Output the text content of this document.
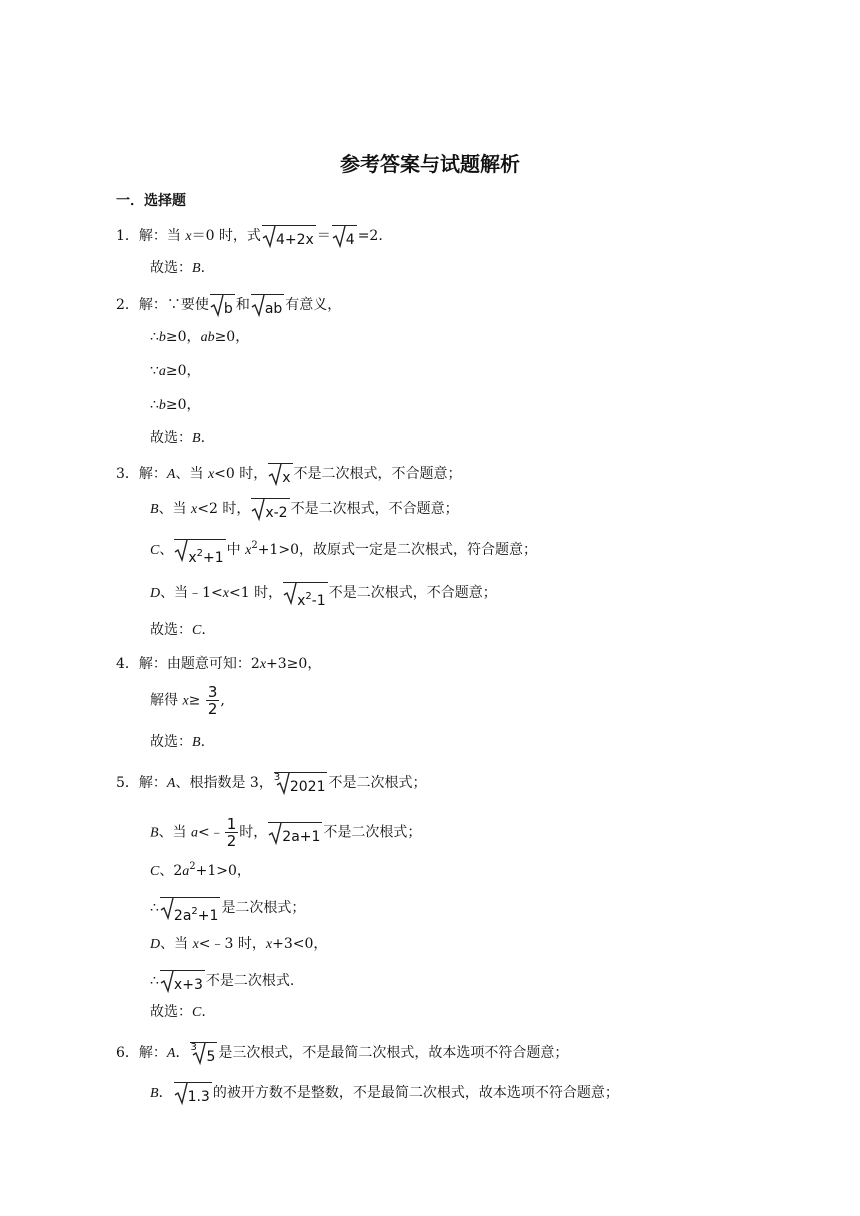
参考答案与试题解析
一．选择题
1．解：当 x＝0 时，式 4+2x ＝ 4 =2.
故选：B.
2．解：∵要使 b 和 ab 有意义，
∴b≥0，ab≥0，
∵a≥0，
∴b≥0，
故选：B.
3．解：A、当 x<0 时， x 不是二次根式，不合题意；
B、当 x<2 时， x-2 不是二次根式，不合题意；
C、 $x^2+1$ 中 $x^2+1>0$，故原式一定是二次根式，符合题意；
D、当﹣1<x<1 时， $x^2-1$ 不是二次根式，不合题意；
故选：C.
4．解：由题意可知：2x+3≥0，
解得 $x\ge \frac{3}{2}$ ,
故选：B.
5．解：A、根指数是 3， 3
2021 不是二次根式；
B、当 a<﹣ $\frac{1}{2}$ 时， 2a+1 不是二次根式；
C、$2a^2+1>0$，
∴ $2a^2+1$ 是二次根式；
D、当 x<﹣3 时，x+3<0，
∴ x+3 不是二次根式.
故选：C.
6．解：A． 3
5 是三次根式，不是最简二次根式，故本选项不符合题意；
B． 1.3 的被开方数不是整数，不是最简二次根式，故本选项不符合题意；
